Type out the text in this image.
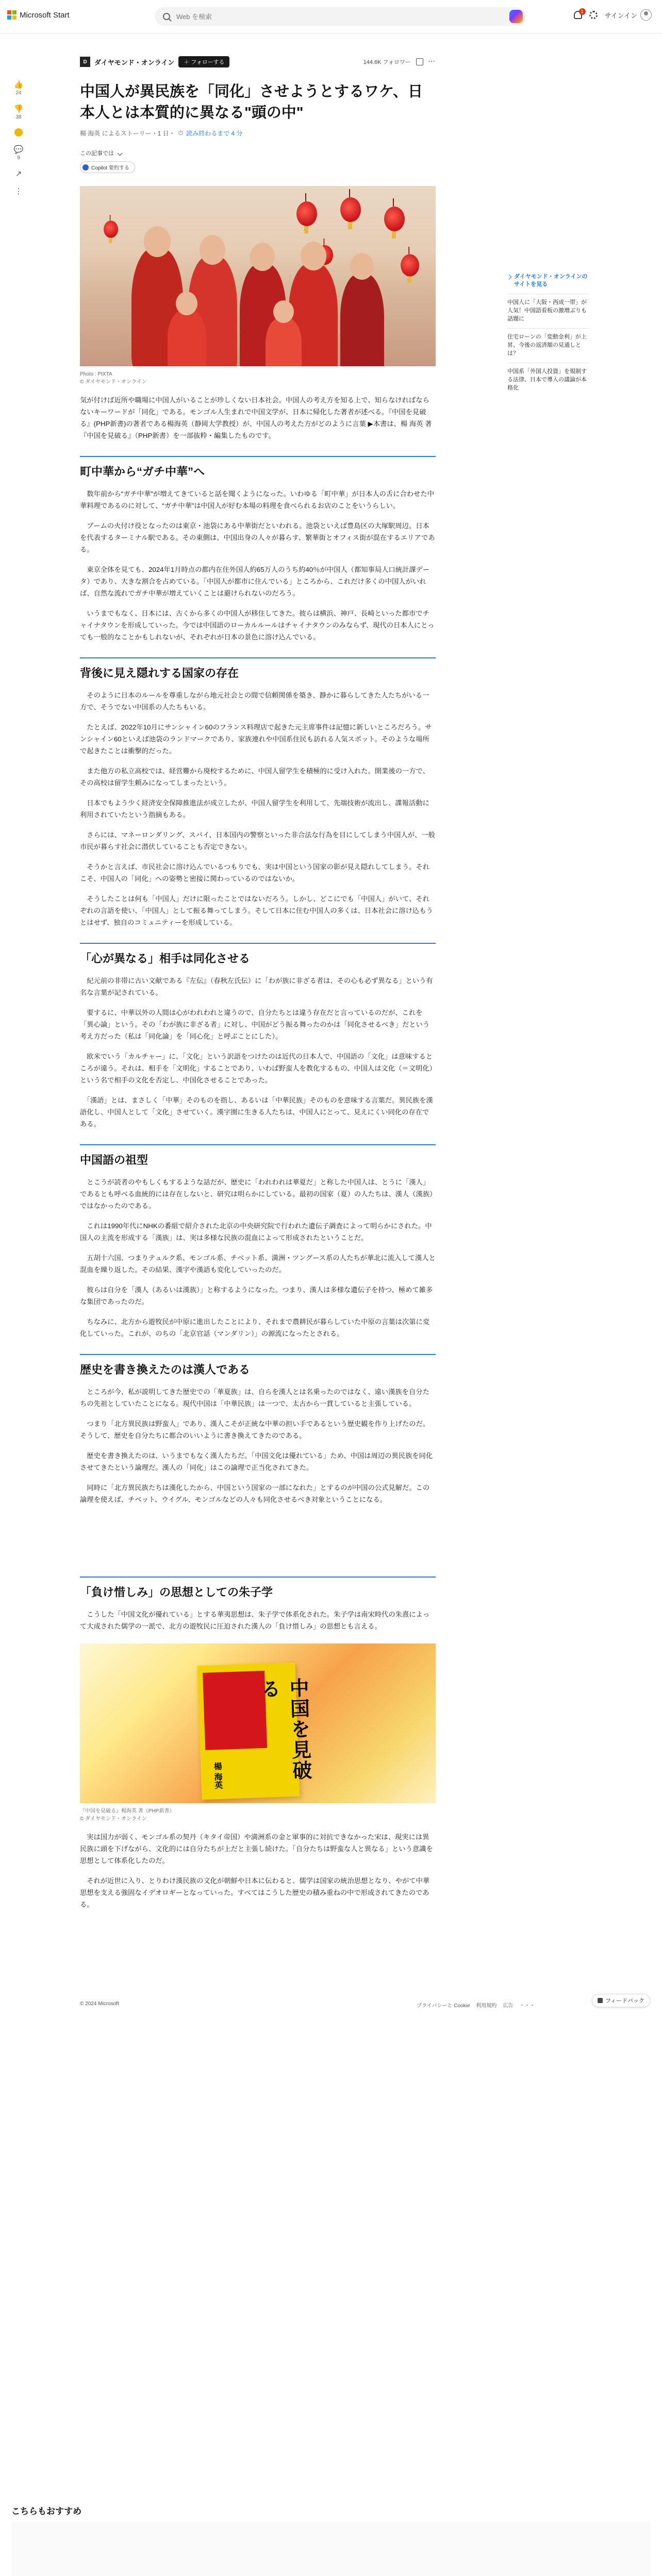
Microsoft Start
Web を検索	1
サインイン
👍
24
👎
38
💬
9
↗
⋮
D	ダイヤモンド・オンライン	＋ フォローする	144.6K フォロワー	···
中国人が異民族を「同化」させようとするワケ、日本人とは本質的に異なる"頭の中"
楊 海英 によるストーリー・1 日・ ⏱ 読み終わるまで 4 分
この記事では
Copilot 要約する
Photo : PIXTA
© ダイヤモンド・オンライン

気が付けば近所や職場に中国人がいることが珍しくない日本社会。中国人の考え方を知る上で、知らなければならないキーワードが「同化」である。モンゴル人生まれで中国文学が、日本に帰化した著者が述べる。『中国を見破る』(PHP新書)の著者である楊海英（静岡大学教授）が、中国人の考えた方がどのように言葉 ▶本書は、楊 海英 著『中国を見破る』（PHP新書）を一部抜粋・編集したものです。

町中華から“ガチ中華”へ

　数年前から“ガチ中華”が増えてきていると話を聞くようになった。いわゆる「町中華」が日本人の舌に合わせた中華料理であるのに対して、“ガチ中華”は中国人が好む本場の料理を食べられるお店のことをいうらしい。

　ブームの火付け役となったのは東京・池袋にある中華街だといわれる。池袋といえば豊島区の大塚駅周辺。日本を代表するターミナル駅である。その東側は、中国出身の人々が暮らす、繁華街とオフィス街が混在するエリアである。

　東京全体を見ても、2024年1月時点の都内在住外国人約65万人のうち約40％が中国人（都知事局人口統計課データ）であり、大きな割合を占めている。「中国人が都市に住んでいる」ところから、これだけ多くの中国人がいれば、自然な流れでガチ中華が増えていくことは避けられないのだろう。

　いうまでもなく、日本には、古くから多くの中国人が移住してきた。彼らは横浜、神戸、長崎といった都市でチャイナタウンを形成していった。今では中国語のローカルルールはチャイナタウンのみならず、現代の日本人にとっても一般的なことかもしれないが、それぞれが日本の景色に溶け込んでいる。

背後に見え隠れする国家の存在

　そのように日本のルールを尊重しながら地元社会との間で信頼関係を築き、静かに暮らしてきた人たちがいる一方で、そうでない中国系の人たちもいる。

　たとえば、2022年10月にサンシャイン60のフランス料理店で起きた元主席事件は記憶に新しいところだろう。サンシャイン60といえば池袋のランドマークであり、家族連れや中国系住民も訪れる人気スポット。そのような場所で起きたことは衝撃的だった。

　また他方の私立高校では、経営難から廃校するために、中国人留学生を積極的に受け入れた。開業後の一方で、その高校は留学生頼みになってしまったという。

　日本でもよう少く経済安全保障推進法が成立したが、中国人留学生を利用して、先端技術が流出し、諜報活動に利用されていたという指摘もある。

　さらには、マネーロンダリング、スパイ、日本国内の警察といった非合法な行為を目にしてしまう中国人が、一般市民が暮らす社会に潜伏していることも否定できない。

　そうかと言えば、市民社会に溶け込んでいるつもりでも、実は中国という国家の影が見え隠れしてしまう。それこそ、中国人の「同化」への姿勢と密接に関わっているのではないか。

　そうしたことは何も「中国人」だけに限ったことではないだろう。しかし、どこにでも「中国人」がいて、それぞれの言語を使い、「中国人」として振る舞ってしまう。そして日本に住む中国人の多くは、日本社会に溶け込もうとはせず、独自のコミュニティーを形成している。

「心が異なる」相手は同化させる

　紀元前の非帯に古い文献である『左伝』（春秋左氏伝）に「わが族に非ざる者は、その心も必ず異なる」という有名な言葉が記されている。

　要するに、中華以外の人間は心がわれわれと違うので、自分たちとは違う存在だと言っているのだが、これを「異心論」という。その「わが族に非ざる者」に対し、中国がどう振る舞ったのかは「同化させるべき」だという考え方だった（私は「同化論」を「同心化」と呼ぶことにした）。

　欧米でいう「カルチャー」に、「文化」という訳語をつけたのは近代の日本人で、中国語の「文化」は意味するところが違う。それは、相手を「文明化」することであり、いわば野蛮人を教化するもの、中国人は文化（＝文明化）という名で相手の文化を否定し、中国化させることであった。

　「漢語」とは、まさしく「中華」そのものを指し、あるいは「中華民族」そのものを意味する言葉だ。異民族を漢語化し、中国人として「文化」させていく。漢字圏に生きる人たちは、中国人にとって、見えにくい同化の存在である。

中国語の祖型

　とこうが読者のやもしくもするような話だが、歴史に「われわれは華夏だ」と称した中国人は、とうに「漢人」であるとも呼べる血統的には存在しないと、研究は明らかにしている。最初の国家（夏）の人たちは、漢人（漢族）ではなかったのである。

　これは1990年代にNHKの番組で紹介された北京の中央研究院で行われた遺伝子調査によって明らかにされた。中国人の主流を形成する「漢族」は、実は多様な民族の混血によって形成されたということだ。

　五胡十六国、つまりテュルク系、モンゴル系、チベット系、満洲・ツングース系の人たちが華北に流入して漢人と混血を繰り返した。その結果、漢字や漢語も変化していったのだ。

　彼らは自分を「漢人（あるいは漢族）」と称するようになった。つまり、漢人は多様な遺伝子を持つ、極めて雑多な集団であったのだ。

　ちなみに、北方から遊牧民が中原に進出したことにより、それまで農耕民が暮らしていた中原の言葉は次第に変化していった。これが、のちの「北京官話（マンダリン）」の源流になったとされる。

歴史を書き換えたのは漢人である

　ところが今、私が説明してきた歴史での「華夏族」は、自らを漢人とは名乗ったのではなく、遠い漢族を自分たちの先祖としていたことになる。現代中国は「中華民族」は一つで、太古から一貫していると主張している。

　つまり「北方異民族は野蛮人」であり、漢人こそが正統な中華の担い手であるという歴史観を作り上げたのだ。そうして、歴史を自分たちに都合のいいように書き換えてきたのである。

　歴史を書き換えたのは、いうまでもなく漢人たちだ。「中国文化は優れている」ため、中国は周辺の異民族を同化させてきたという論理だ。漢人の「同化」はこの論理で正当化されてきた。

　同時に「北方異民族たちは漢化したから、中国という国家の一部になれた」とするのが中国の公式見解だ。この論理を使えば、チベット、ウイグル、モンゴルなどの人々も同化させるべき対象ということになる。

「負け惜しみ」の思想としての朱子学

　こうした「中国文化が優れている」とする華夷思想は、朱子学で体系化された。朱子学は南宋時代の朱熹によって大成された儒学の一派で、北方の遊牧民に圧迫された漢人の「負け惜しみ」の思想とも言える。

中国を見破る
楊 海英
『中国を見破る』楊海英 著（PHP新書）
© ダイヤモンド・オンライン

　実は国力が弱く、モンゴル系の契丹（キタイ帝国）や満洲系の金と軍事的に対抗できなかった宋は、現実には異民族に頭を下げながら、文化的には自分たちが上だと主張し続けた。「自分たちは野蛮な人と異なる」という意識を思想として体系化したのだ。

　それが近世に入り、とりわけ漢民族の文化が朝鮮や日本に伝わると、儒学は国家の統治思想となり、やがて中華思想を支える強固なイデオロギーとなっていった。すべてはこうした歴史の積み重ねの中で形成されてきたのである。

ダイヤモンド・オンラインのサイトを見る
中国人に「大阪・西成一帯」が人気！中国語看板の激増ぶりも話題に
住宅ローンの「変動金利」が上昇、今後の返済額の見通しとは？
中国系「外国人投資」を規制する法律、日本で導入の議論が本格化
© 2024 Microsoft	プライバシーと Cookie 利用規約 広告 ・・・
フィードバック
こちらもおすすめ
